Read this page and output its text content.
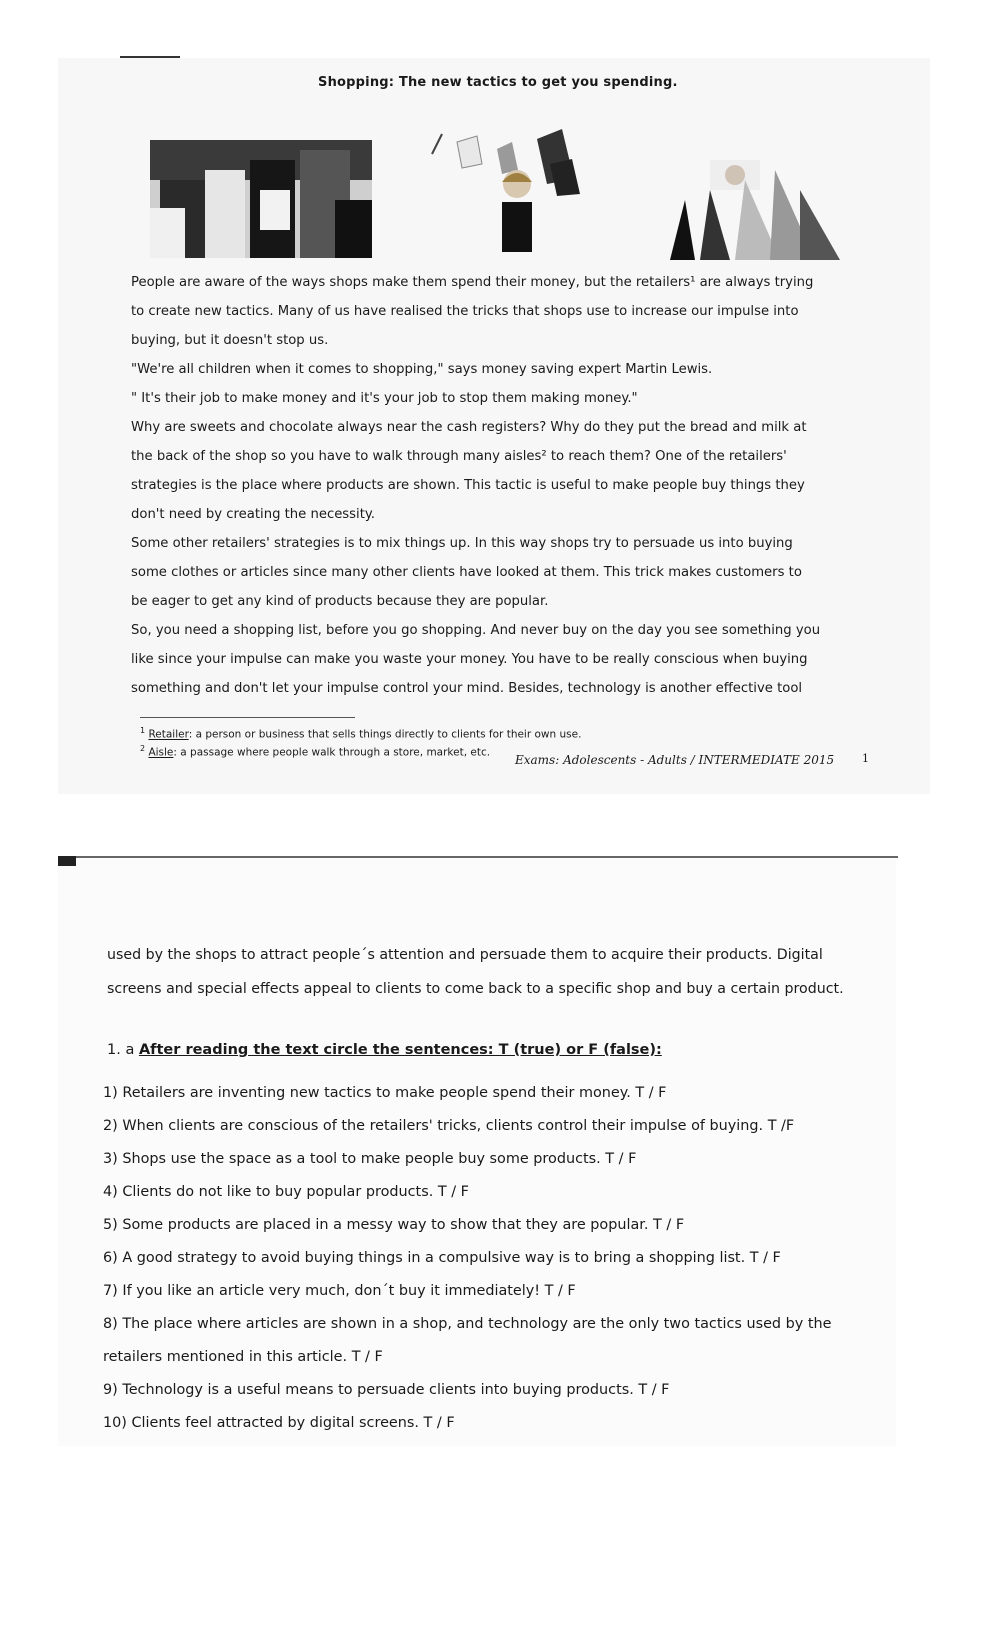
Shopping: The new tactics to get you spending.
People are aware of the ways shops make them spend their money, but the retailers¹ are always trying
to create new tactics. Many of us have realised the tricks that shops use to increase our impulse into
buying, but it doesn't stop us.
"We're all children when it comes to shopping," says money saving expert Martin Lewis.
" It's their job to make money and it's your job to stop them making money."
Why are sweets and chocolate always near the cash registers? Why do they put the bread and milk at
the back of the shop so you have to walk through many aisles² to reach them? One of the retailers'
strategies is the place where products are shown. This tactic is useful to make people buy things they
don't need by creating the necessity.
Some other retailers' strategies is to mix things up. In this way shops try to persuade us into buying
some clothes or articles since many other clients have looked at them. This trick makes customers to
be eager to get any kind of products because they are popular.
So, you need a shopping list, before you go shopping. And never buy on the day you see something you
like since your impulse can make you waste your money. You have to be really conscious when buying
something and don't let your impulse control your mind. Besides, technology is another effective tool
$^1$ Retailer: a person or business that sells things directly to clients for their own use.
$^2$ Aisle: a passage where people walk through a store, market, etc.
Exams: Adolescents - Adults / INTERMEDIATE 2015	1
used by the shops to attract people´s attention and persuade them to acquire their products. Digital
screens and special effects appeal to clients to come back to a specific shop and buy a certain product.
1. a After reading the text circle the sentences: T (true) or F (false):
1) Retailers are inventing new tactics to make people spend their money. T / F
2) When clients are conscious of the retailers' tricks, clients control their impulse of buying. T /F
3) Shops use the space as a tool to make people buy some products. T / F
4) Clients do not like to buy popular products. T / F
5) Some products are placed in a messy way to show that they are popular. T / F
6) A good strategy to avoid buying things in a compulsive way is to bring a shopping list. T / F
7) If you like an article very much, don´t buy it immediately! T / F
8) The place where articles are shown in a shop, and technology are the only two tactics used by the
retailers mentioned in this article. T / F
9) Technology is a useful means to persuade clients into buying products. T / F
10) Clients feel attracted by digital screens. T / F
